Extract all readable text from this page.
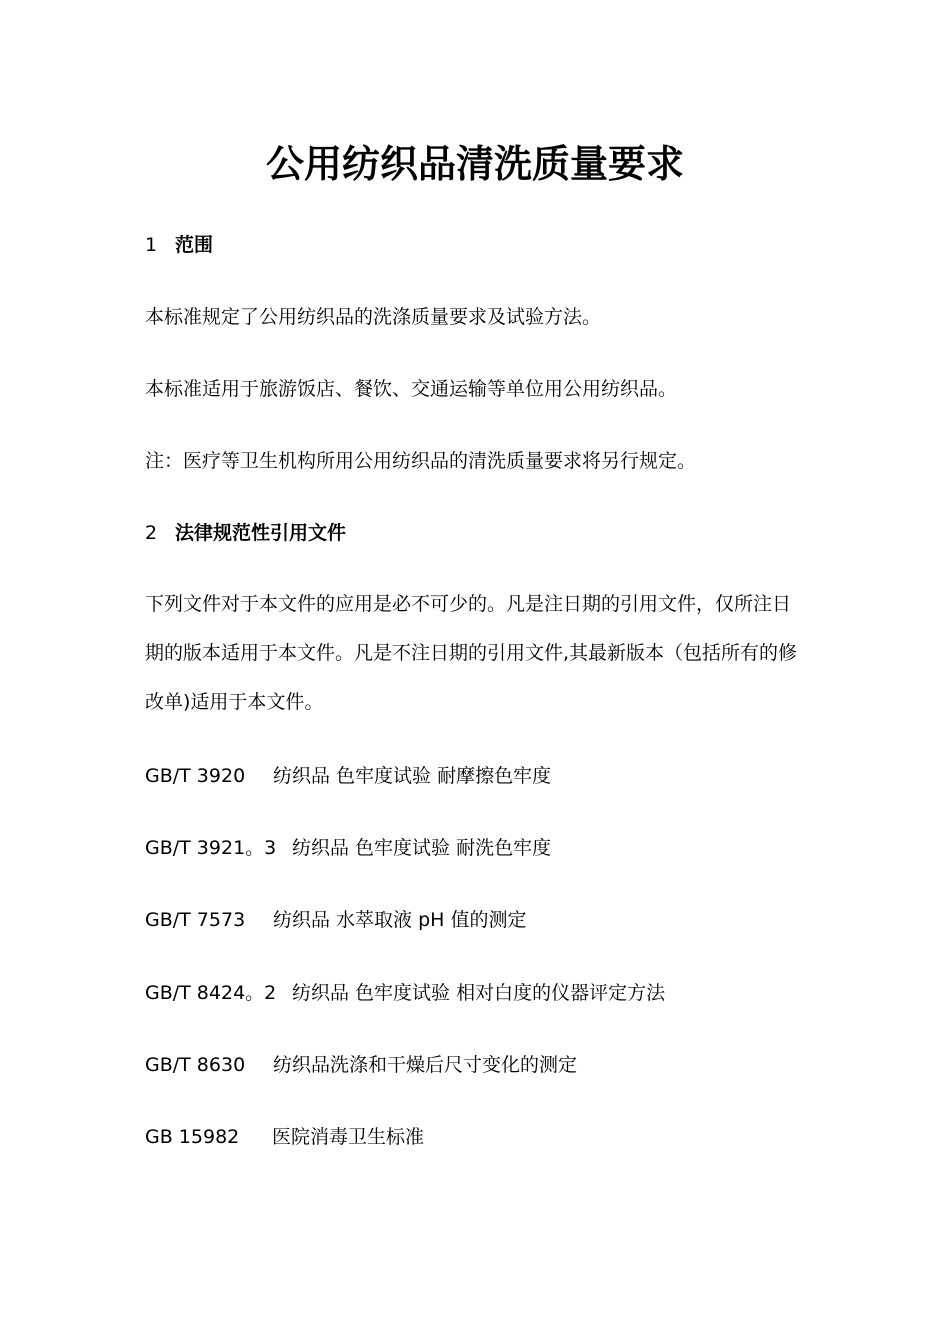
公用纺织品清洗质量要求
1 范围
本标准规定了公用纺织品的洗涤质量要求及试验方法。
本标准适用于旅游饭店、餐饮、交通运输等单位用公用纺织品。
注：医疗等卫生机构所用公用纺织品的清洗质量要求将另行规定。
2 法律规范性引用文件
下列文件对于本文件的应用是必不可少的。凡是注日期的引用文件，仅所注日
期的版本适用于本文件。凡是不注日期的引用文件,其最新版本（包括所有的修
改单)适用于本文件。
GB/T 3920 纺织品 色牢度试验 耐摩擦色牢度
GB/T 3921。3 纺织品 色牢度试验 耐洗色牢度
GB/T 7573 纺织品 水萃取液 pH 值的测定
GB/T 8424。2 纺织品 色牢度试验 相对白度的仪器评定方法
GB/T 8630 纺织品洗涤和干燥后尺寸变化的测定
GB 15982 医院消毒卫生标准
